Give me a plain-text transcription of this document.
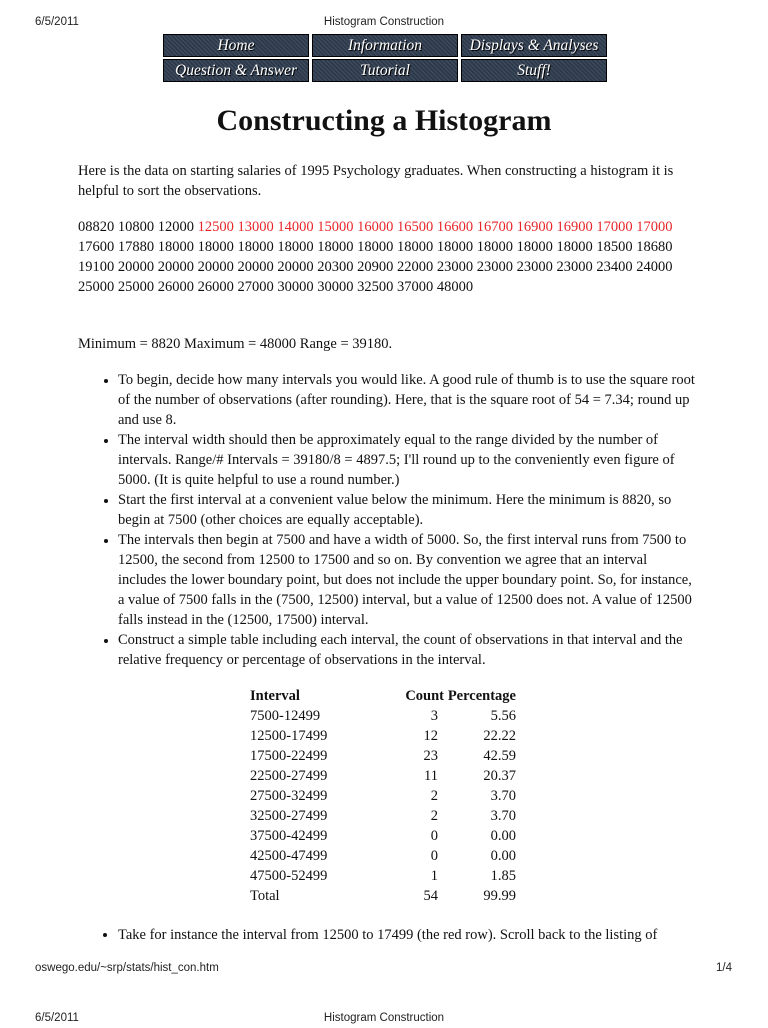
6/5/2011	Histogram Construction
Home	Information	Displays & Analyses
Question & Answer	Tutorial	Stuff!
Constructing a Histogram

Here is the data on starting salaries of 1995 Psychology graduates. When constructing a histogram it is helpful to sort the observations.

08820 10800 12000 12500 13000 14000 15000 16000 16500 16600 16700 16900 16900 17000 17000 17600 17880 18000 18000 18000 18000 18000 18000 18000 18000 18000 18000 18000 18500 18680 19100 20000 20000 20000 20000 20000 20300 20900 22000 23000 23000 23000 23000 23400 24000 25000 25000 26000 26000 27000 30000 30000 32500 37000 48000

Minimum = 8820 Maximum = 48000 Range = 39180.

• To begin, decide how many intervals you would like. A good rule of thumb is to use the square root of the number of observations (after rounding). Here, that is the square root of 54 = 7.34; round up and use 8.
• The interval width should then be approximately equal to the range divided by the number of intervals. Range/# Intervals = 39180/8 = 4897.5; I'll round up to the conveniently even figure of 5000. (It is quite helpful to use a round number.)
• Start the first interval at a convenient value below the minimum. Here the minimum is 8820, so begin at 7500 (other choices are equally acceptable).
• The intervals then begin at 7500 and have a width of 5000. So, the first interval runs from 7500 to 12500, the second from 12500 to 17500 and so on. By convention we agree that an interval includes the lower boundary point, but does not include the upper boundary point. So, for instance, a value of 7500 falls in the (7500, 12500) interval, but a value of 12500 does not. A value of 12500 falls instead in the (12500, 17500) interval.
• Construct a simple table including each interval, the count of observations in that interval and the relative frequency or percentage of observations in the interval.
Interval	Count	Percentage
7500-12499	3	5.56
12500-17499	12	22.22
17500-22499	23	42.59
22500-27499	11	20.37
27500-32499	2	3.70
32500-27499	2	3.70
37500-42499	0	0.00
42500-47499	0	0.00
47500-52499	1	1.85
Total	54	99.99
• Take for instance the interval from 12500 to 17499 (the red row). Scroll back to the listing of
oswego.edu/~srp/stats/hist_con.htm	1/4
6/5/2011	Histogram Construction
